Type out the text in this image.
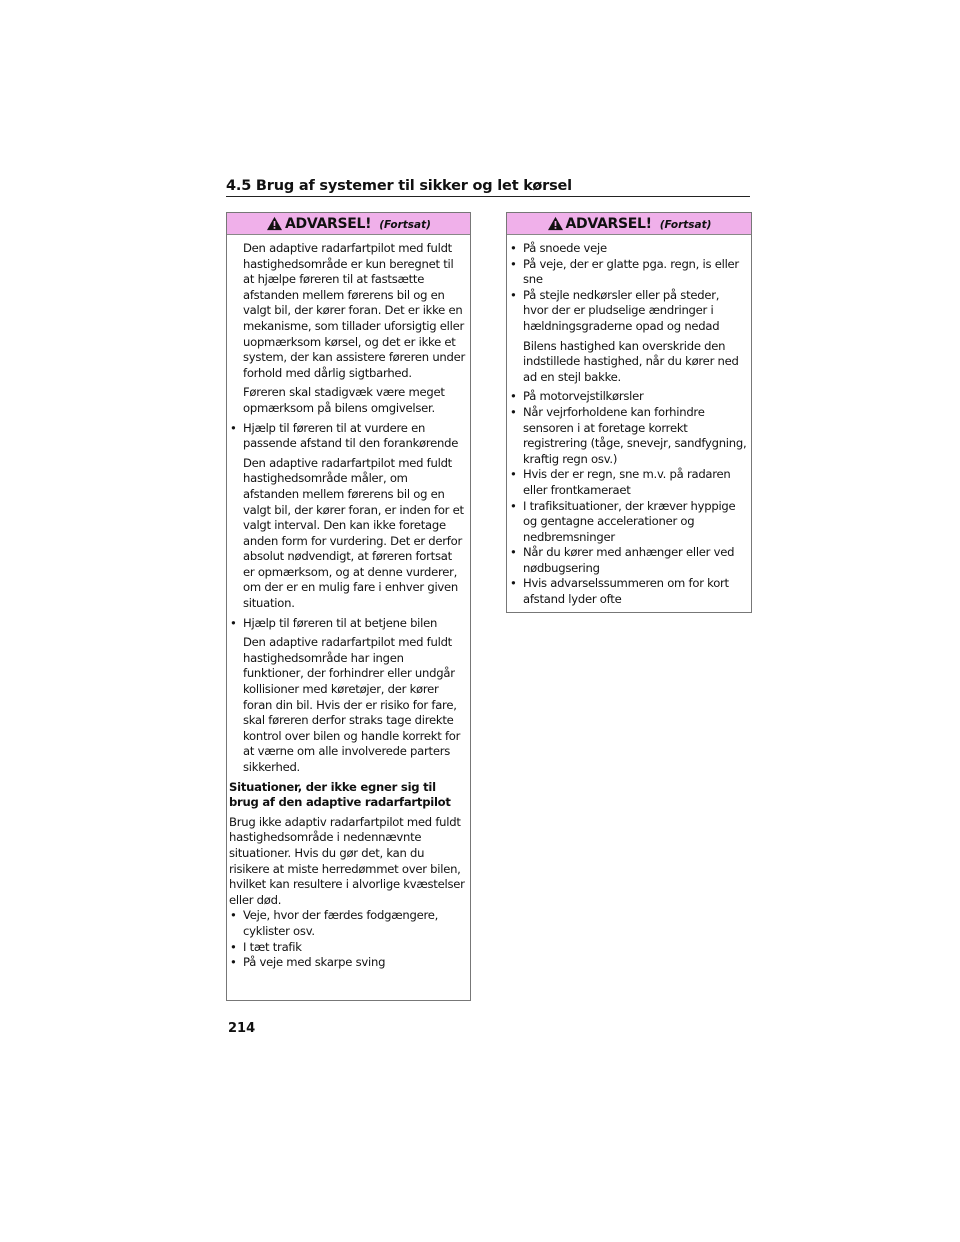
4.5 Brug af systemer til sikker og let kørsel
ADVARSEL! (Fortsat)

Den adaptive radarfartpilot med fuldt hastighedsområde er kun beregnet til at hjælpe føreren til at fastsætte afstanden mellem førerens bil og en valgt bil, der kører foran. Det er ikke en mekanisme, som tillader uforsigtig eller uopmærksom kørsel, og det er ikke et system, der kan assistere føreren under forhold med dårlig sigtbarhed.

Føreren skal stadigvæk være meget opmærksom på bilens omgivelser.

• Hjælp til føreren til at vurdere en passende afstand til den forankørende

Den adaptive radarfartpilot med fuldt hastighedsområde måler, om afstanden mellem førerens bil og en valgt bil, der kører foran, er inden for et valgt interval. Den kan ikke foretage anden form for vurdering. Det er derfor absolut nødvendigt, at føreren fortsat er opmærksom, og at denne vurderer, om der er en mulig fare i enhver given situation.

• Hjælp til føreren til at betjene bilen

Den adaptive radarfartpilot med fuldt hastighedsområde har ingen funktioner, der forhindrer eller undgår kollisioner med køretøjer, der kører foran din bil. Hvis der er risiko for fare, skal føreren derfor straks tage direkte kontrol over bilen og handle korrekt for at værne om alle involverede parters sikkerhed.

Situationer, der ikke egner sig til brug af den adaptive radarfartpilot

Brug ikke adaptiv radarfartpilot med fuldt hastighedsområde i nedennævnte situationer. Hvis du gør det, kan du risikere at miste herredømmet over bilen, hvilket kan resultere i alvorlige kvæstelser eller død.

• Veje, hvor der færdes fodgængere, cyklister osv.
• I tæt trafik
• På veje med skarpe sving
ADVARSEL! (Fortsat)
• På snoede veje
• På veje, der er glatte pga. regn, is eller sne
• På stejle nedkørsler eller på steder, hvor der er pludselige ændringer i hældningsgraderne opad og nedad

Bilens hastighed kan overskride den indstillede hastighed, når du kører ned ad en stejl bakke.

• På motorvejstilkørsler
• Når vejrforholdene kan forhindre sensoren i at foretage korrekt registrering (tåge, snevejr, sandfygning, kraftig regn osv.)
• Hvis der er regn, sne m.v. på radaren eller frontkameraet
• I trafiksituationer, der kræver hyppige og gentagne accelerationer og nedbremsninger
• Når du kører med anhænger eller ved nødbugsering
• Hvis advarselssummeren om for kort afstand lyder ofte
214
